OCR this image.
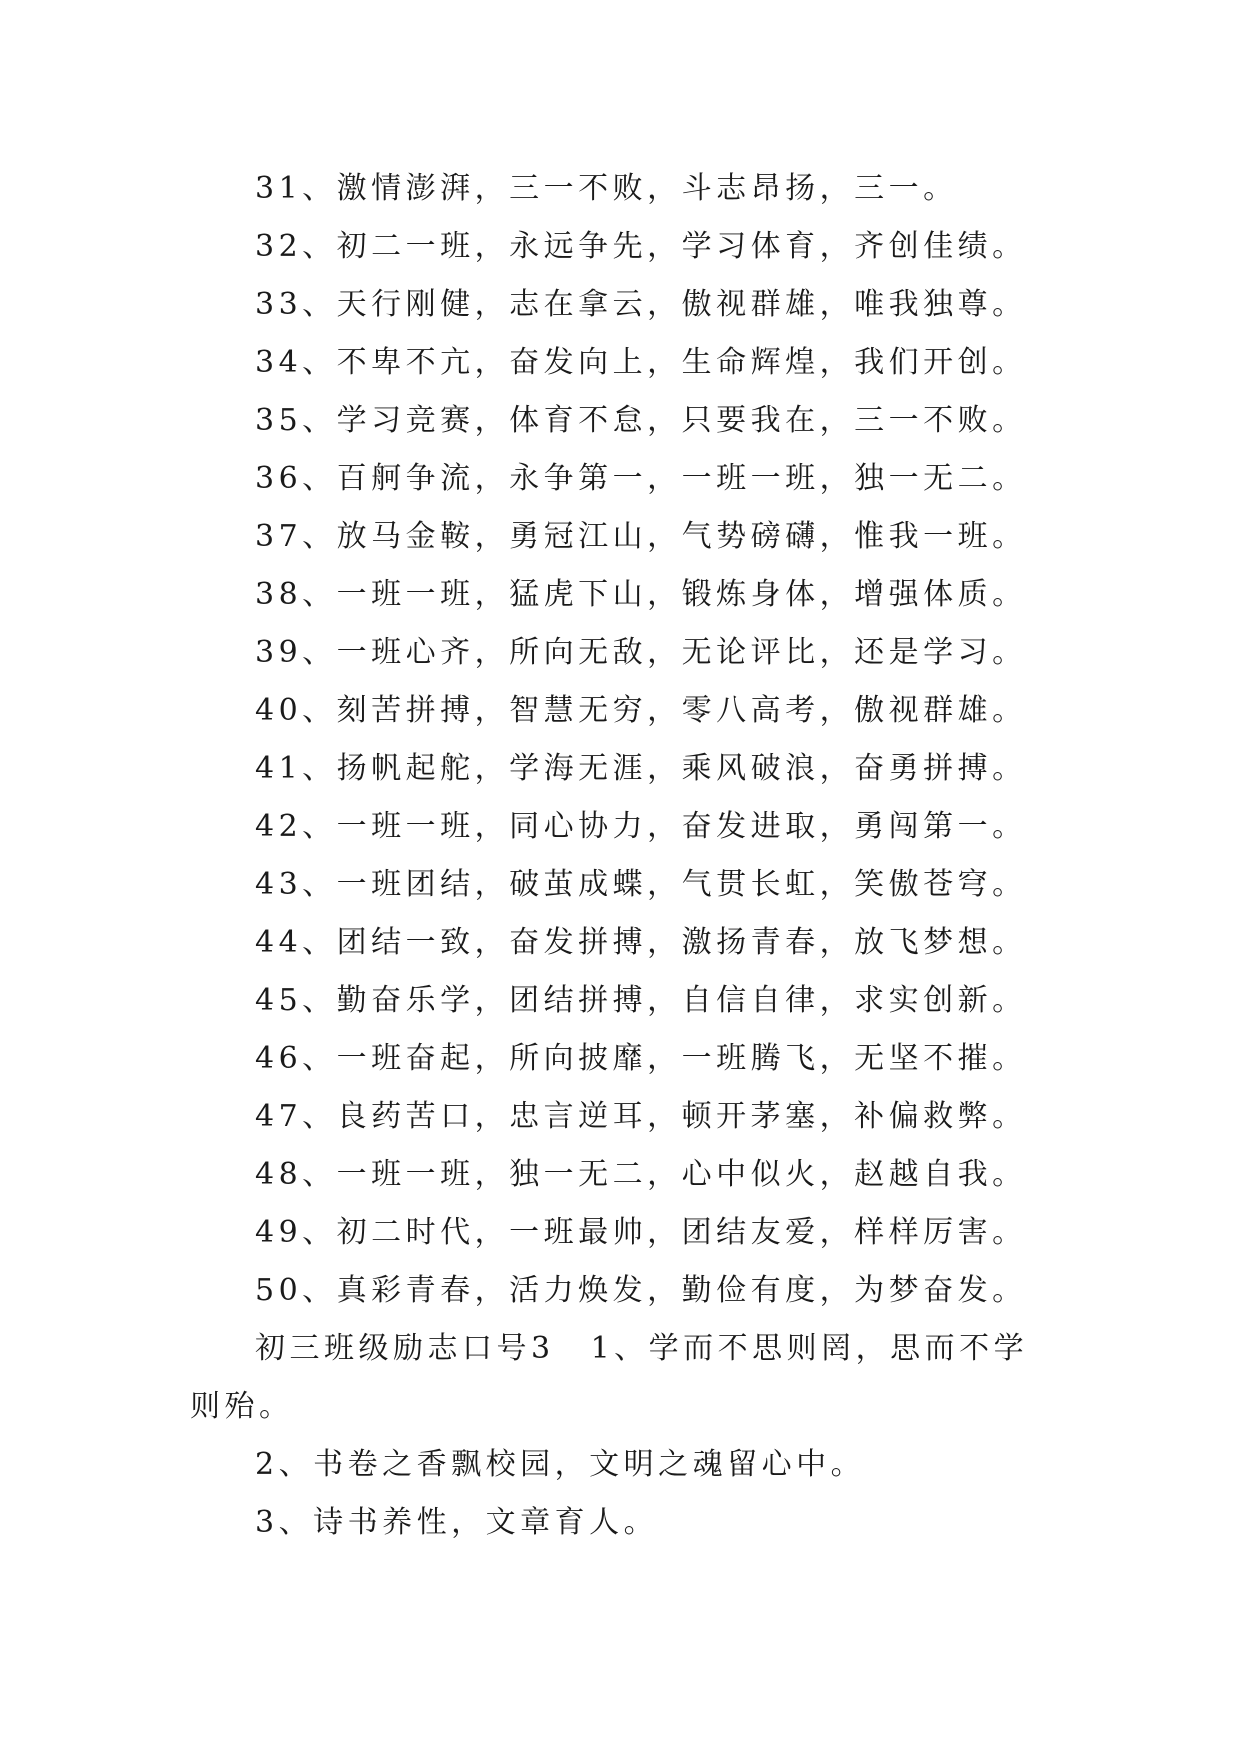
31、激情澎湃，三一不败，斗志昂扬，三一。
32、初二一班，永远争先，学习体育，齐创佳绩。
33、天行刚健，志在拿云，傲视群雄，唯我独尊。
34、不卑不亢，奋发向上，生命辉煌，我们开创。
35、学习竞赛，体育不怠，只要我在，三一不败。
36、百舸争流，永争第一，一班一班，独一无二。
37、放马金鞍，勇冠江山，气势磅礴，惟我一班。
38、一班一班，猛虎下山，锻炼身体，增强体质。
39、一班心齐，所向无敌，无论评比，还是学习。
40、刻苦拼搏，智慧无穷，零八高考，傲视群雄。
41、扬帆起舵，学海无涯，乘风破浪，奋勇拼搏。
42、一班一班，同心协力，奋发进取，勇闯第一。
43、一班团结，破茧成蝶，气贯长虹，笑傲苍穹。
44、团结一致，奋发拼搏，激扬青春，放飞梦想。
45、勤奋乐学，团结拼搏，自信自律，求实创新。
46、一班奋起，所向披靡，一班腾飞，无坚不摧。
47、良药苦口，忠言逆耳，顿开茅塞，补偏救弊。
48、一班一班，独一无二，心中似火，赵越自我。
49、初二时代，一班最帅，团结友爱，样样厉害。
50、真彩青春，活力焕发，勤俭有度，为梦奋发。
初三班级励志口号3 1、学而不思则罔，思而不学则殆。
2、书卷之香飘校园，文明之魂留心中。
3、诗书养性，文章育人。
